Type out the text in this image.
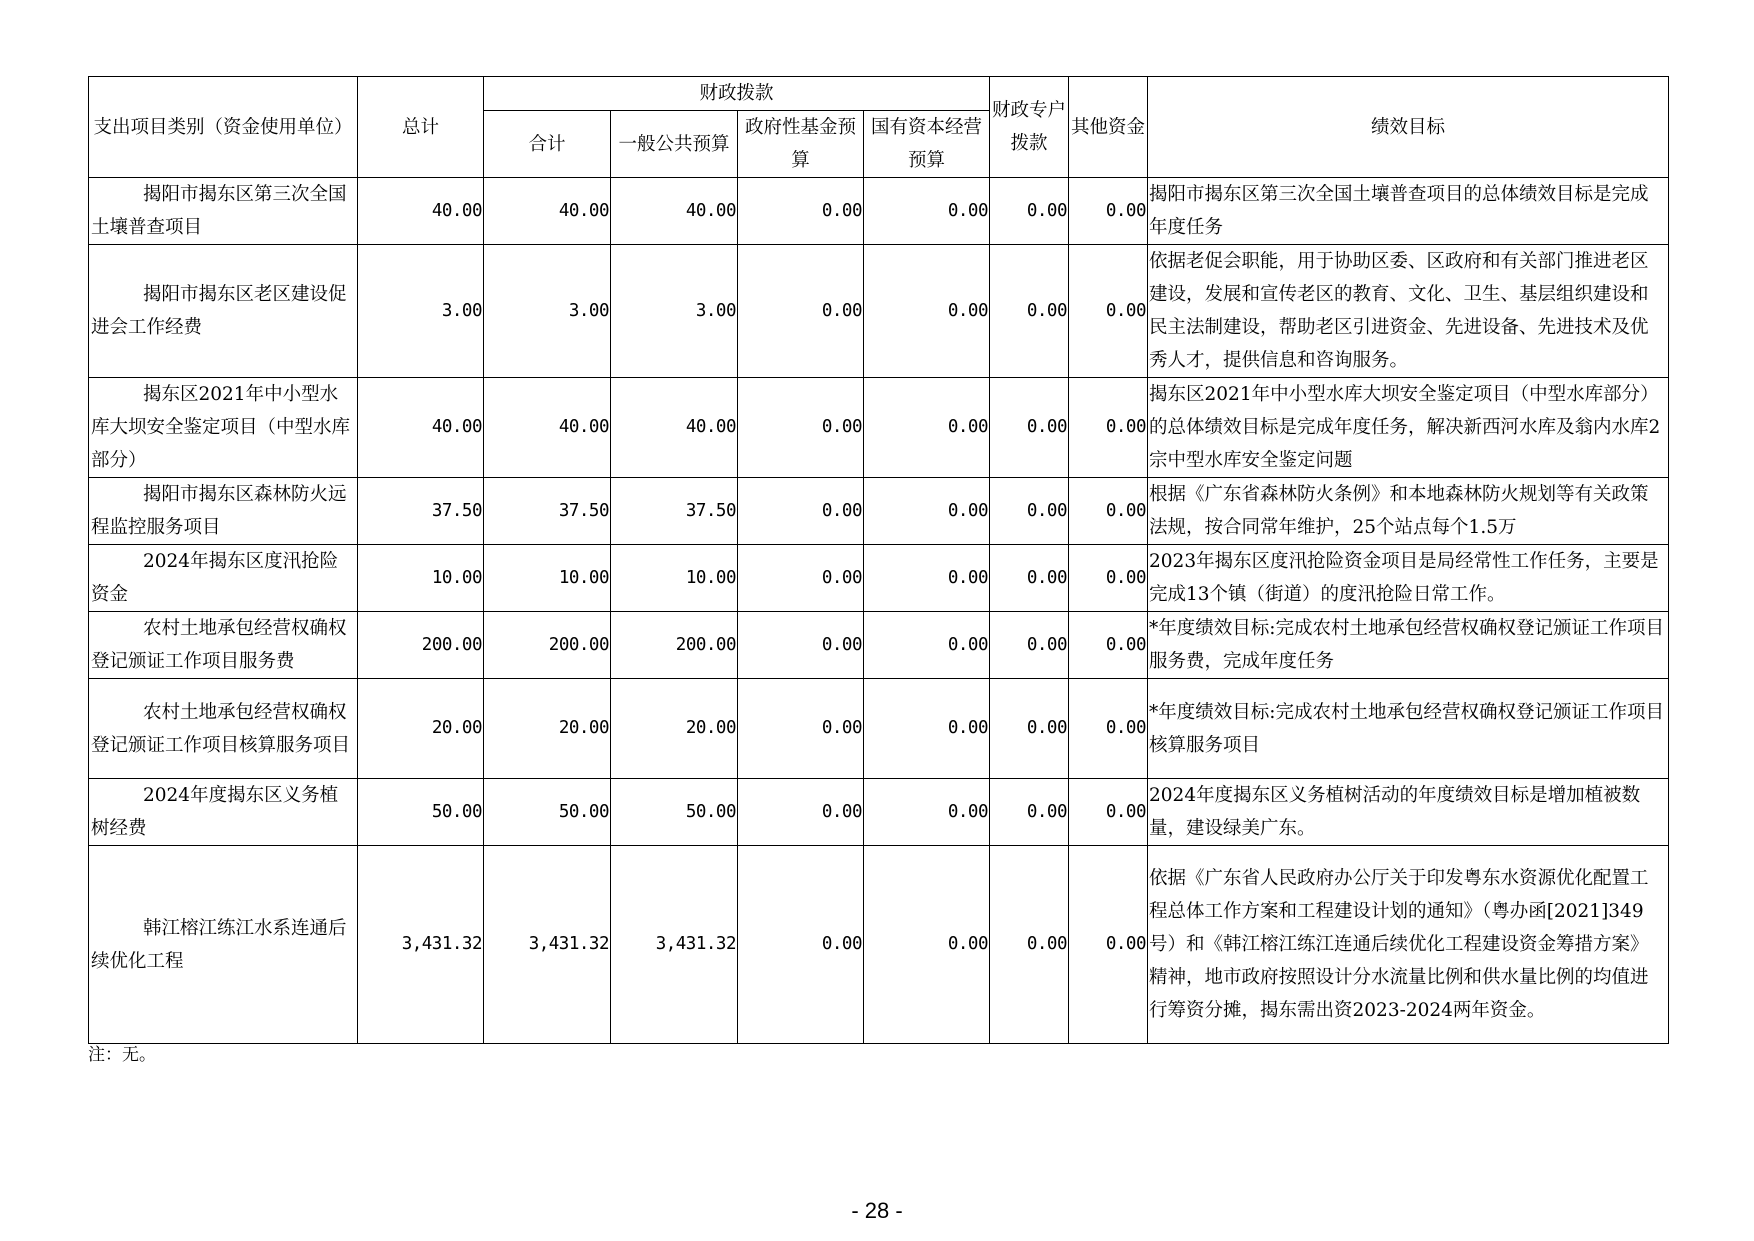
支出项目类别（资金使用单位）	总计	财政拨款				财政专户拨款	其他资金	绩效目标
		合计	一般公共预算	政府性基金预算	国有资本经营预算			
揭阳市揭东区第三次全国土壤普查项目	40.00	40.00	40.00	0.00	0.00	0.00	0.00	揭阳市揭东区第三次全国土壤普查项目的总体绩效目标是完成年度任务
揭阳市揭东区老区建设促进会工作经费	3.00	3.00	3.00	0.00	0.00	0.00	0.00	依据老促会职能，用于协助区委、区政府和有关部门推进老区建设，发展和宣传老区的教育、文化、卫生、基层组织建设和民主法制建设，帮助老区引进资金、先进设备、先进技术及优秀人才，提供信息和咨询服务。
揭东区2021年中小型水库大坝安全鉴定项目（中型水库部分）	40.00	40.00	40.00	0.00	0.00	0.00	0.00	揭东区2021年中小型水库大坝安全鉴定项目（中型水库部分）的总体绩效目标是完成年度任务，解决新西河水库及翁内水库2宗中型水库安全鉴定问题
揭阳市揭东区森林防火远程监控服务项目	37.50	37.50	37.50	0.00	0.00	0.00	0.00	根据《广东省森林防火条例》和本地森林防火规划等有关政策法规，按合同常年维护，25个站点每个1.5万
2024年揭东区度汛抢险资金	10.00	10.00	10.00	0.00	0.00	0.00	0.00	2023年揭东区度汛抢险资金项目是局经常性工作任务，主要是完成13个镇（街道）的度汛抢险日常工作。
农村土地承包经营权确权登记颁证工作项目服务费	200.00	200.00	200.00	0.00	0.00	0.00	0.00	*年度绩效目标:完成农村土地承包经营权确权登记颁证工作项目服务费，完成年度任务
农村土地承包经营权确权登记颁证工作项目核算服务项目	20.00	20.00	20.00	0.00	0.00	0.00	0.00	*年度绩效目标:完成农村土地承包经营权确权登记颁证工作项目核算服务项目
2024年度揭东区义务植树经费	50.00	50.00	50.00	0.00	0.00	0.00	0.00	2024年度揭东区义务植树活动的年度绩效目标是增加植被数量，建设绿美广东。
韩江榕江练江水系连通后续优化工程	3,431.32	3,431.32	3,431.32	0.00	0.00	0.00	0.00	依据《广东省人民政府办公厅关于印发粤东水资源优化配置工程总体工作方案和工程建设计划的通知》（粤办函[2021]349号）和《韩江榕江练江连通后续优化工程建设资金筹措方案》精神，地市政府按照设计分水流量比例和供水量比例的均值进行筹资分摊，揭东需出资2023-2024两年资金。
注：无。
- 28 -
